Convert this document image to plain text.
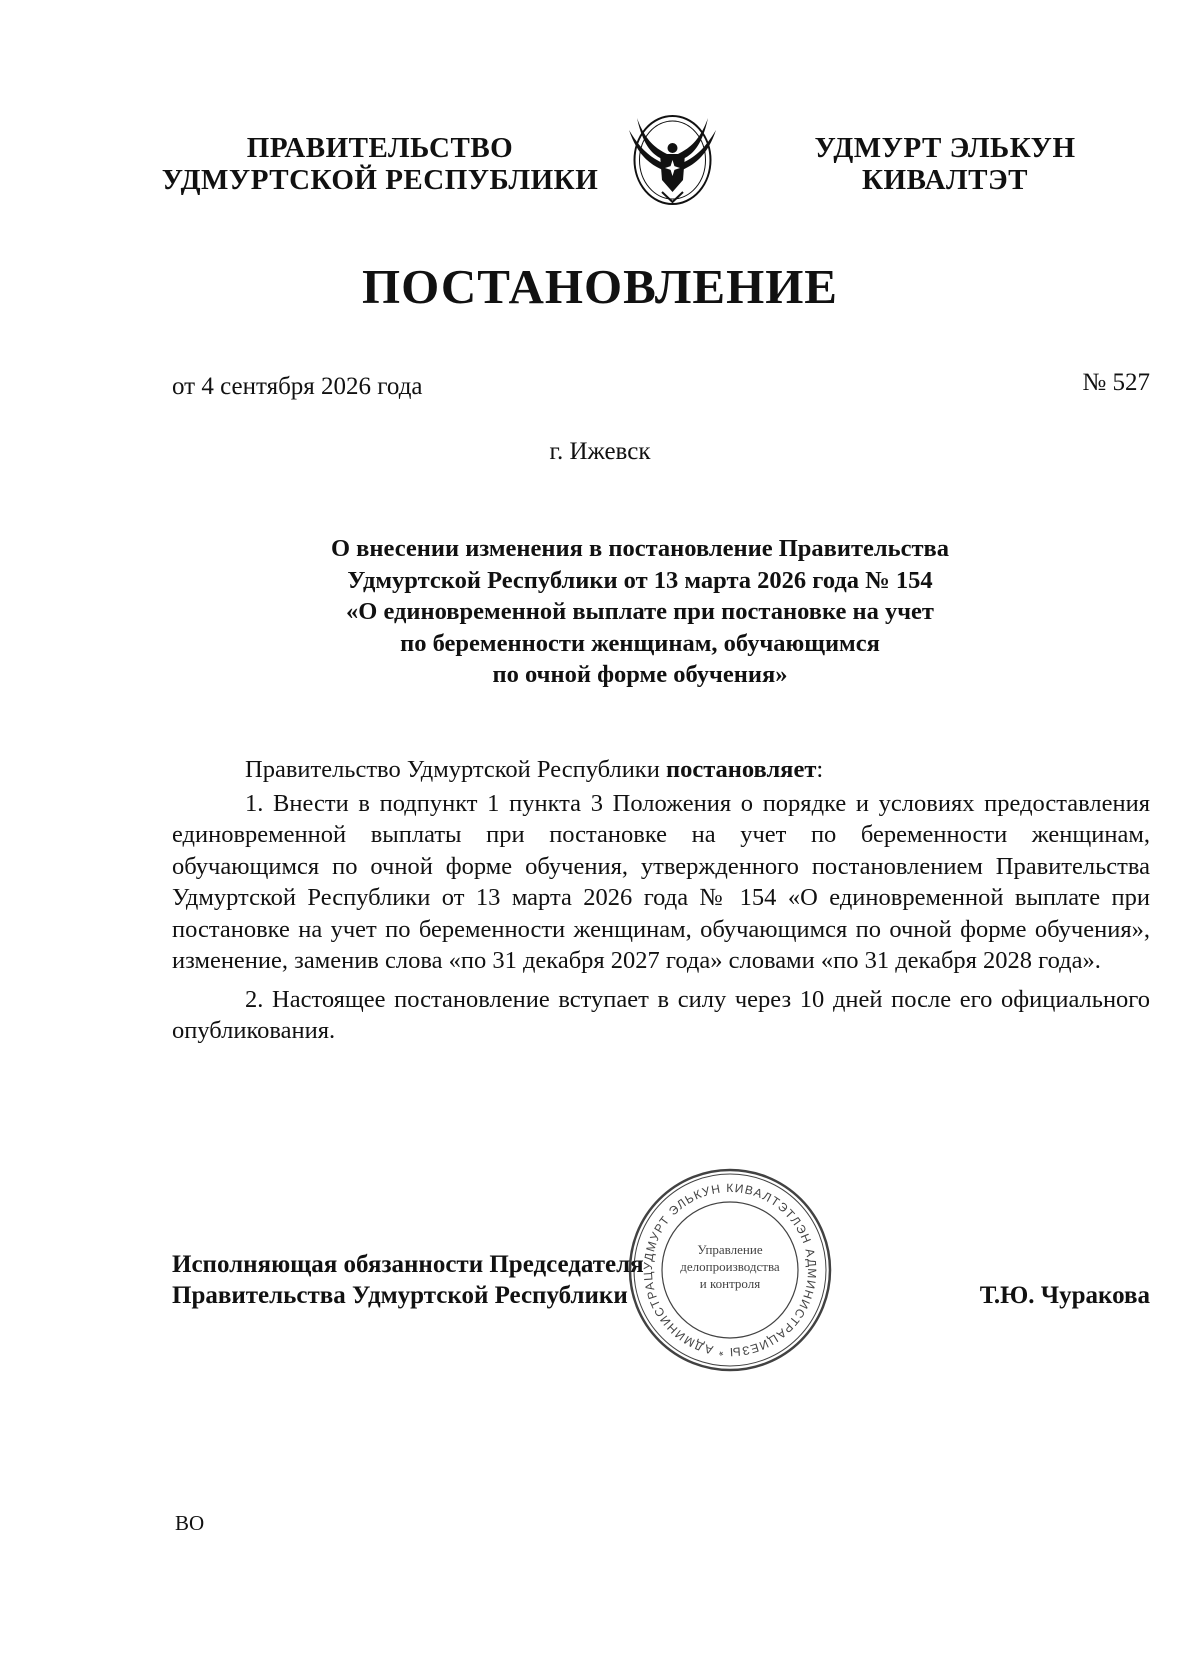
ПРАВИТЕЛЬСТВО
УДМУРТСКОЙ РЕСПУБЛИКИ
УДМУРТ ЭЛЬКУН
КИВАЛТЭТ
ПОСТАНОВЛЕНИЕ
от 4 сентября 2026 года	№ 527
г. Ижевск
О внесении изменения в постановление Правительства
Удмуртской Республики от 13 марта 2026 года № 154
«О единовременной выплате при постановке на учет
по беременности женщинам, обучающимся
по очной форме обучения»

Правительство Удмуртской Республики постановляет:

1. Внести в подпункт 1 пункта 3 Положения о порядке и условиях предоставления единовременной выплаты при постановке на учет по беременности женщинам, обучающимся по очной форме обучения, утвержденного постановлением Правительства Удмуртской Республики от 13 марта 2026 года № 154 «О единовременной выплате при постановке на учет по беременности женщинам, обучающимся по очной форме обучения», изменение, заменив слова «по 31 декабря 2027 года» словами «по 31 декабря 2028 года».

2. Настоящее постановление вступает в силу через 10 дней после его официального опубликования.

Исполняющая обязанности Председателя
Правительства Удмуртской Республики	Т.Ю. Чуракова
УДМУРТ ЭЛЬКУН КИВАЛТЭТЛЭН АДМИНИСТРАЦИЕЗЫ * АДМИНИСТРАЦ
Управление
делопроизводства
и контроля
ВО
